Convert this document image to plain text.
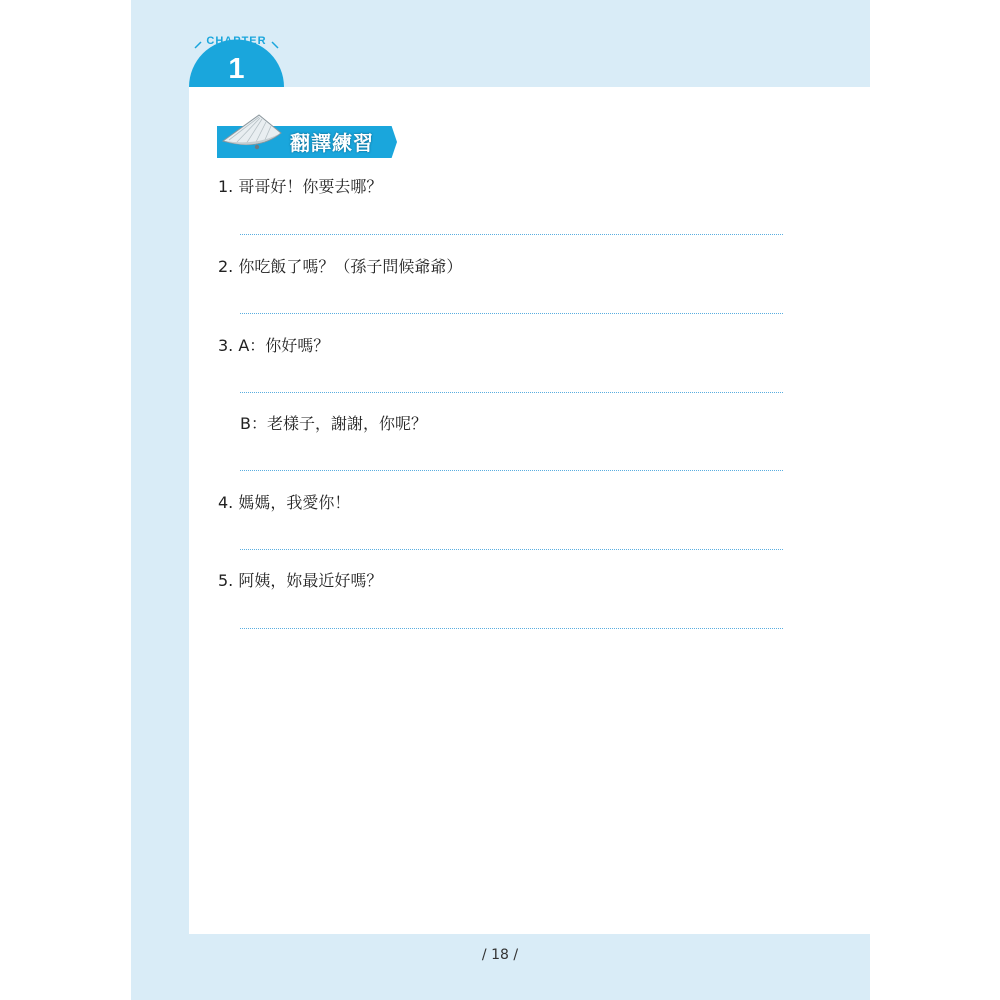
CHAPTER
1
翻譯練習
1. 哥哥好！你要去哪？
2. 你吃飯了嗎？（孫子問候爺爺）
3. A：你好嗎？
B：老樣子，謝謝，你呢？
4. 媽媽，我愛你！
5. 阿姨，妳最近好嗎？
/ 18 /
